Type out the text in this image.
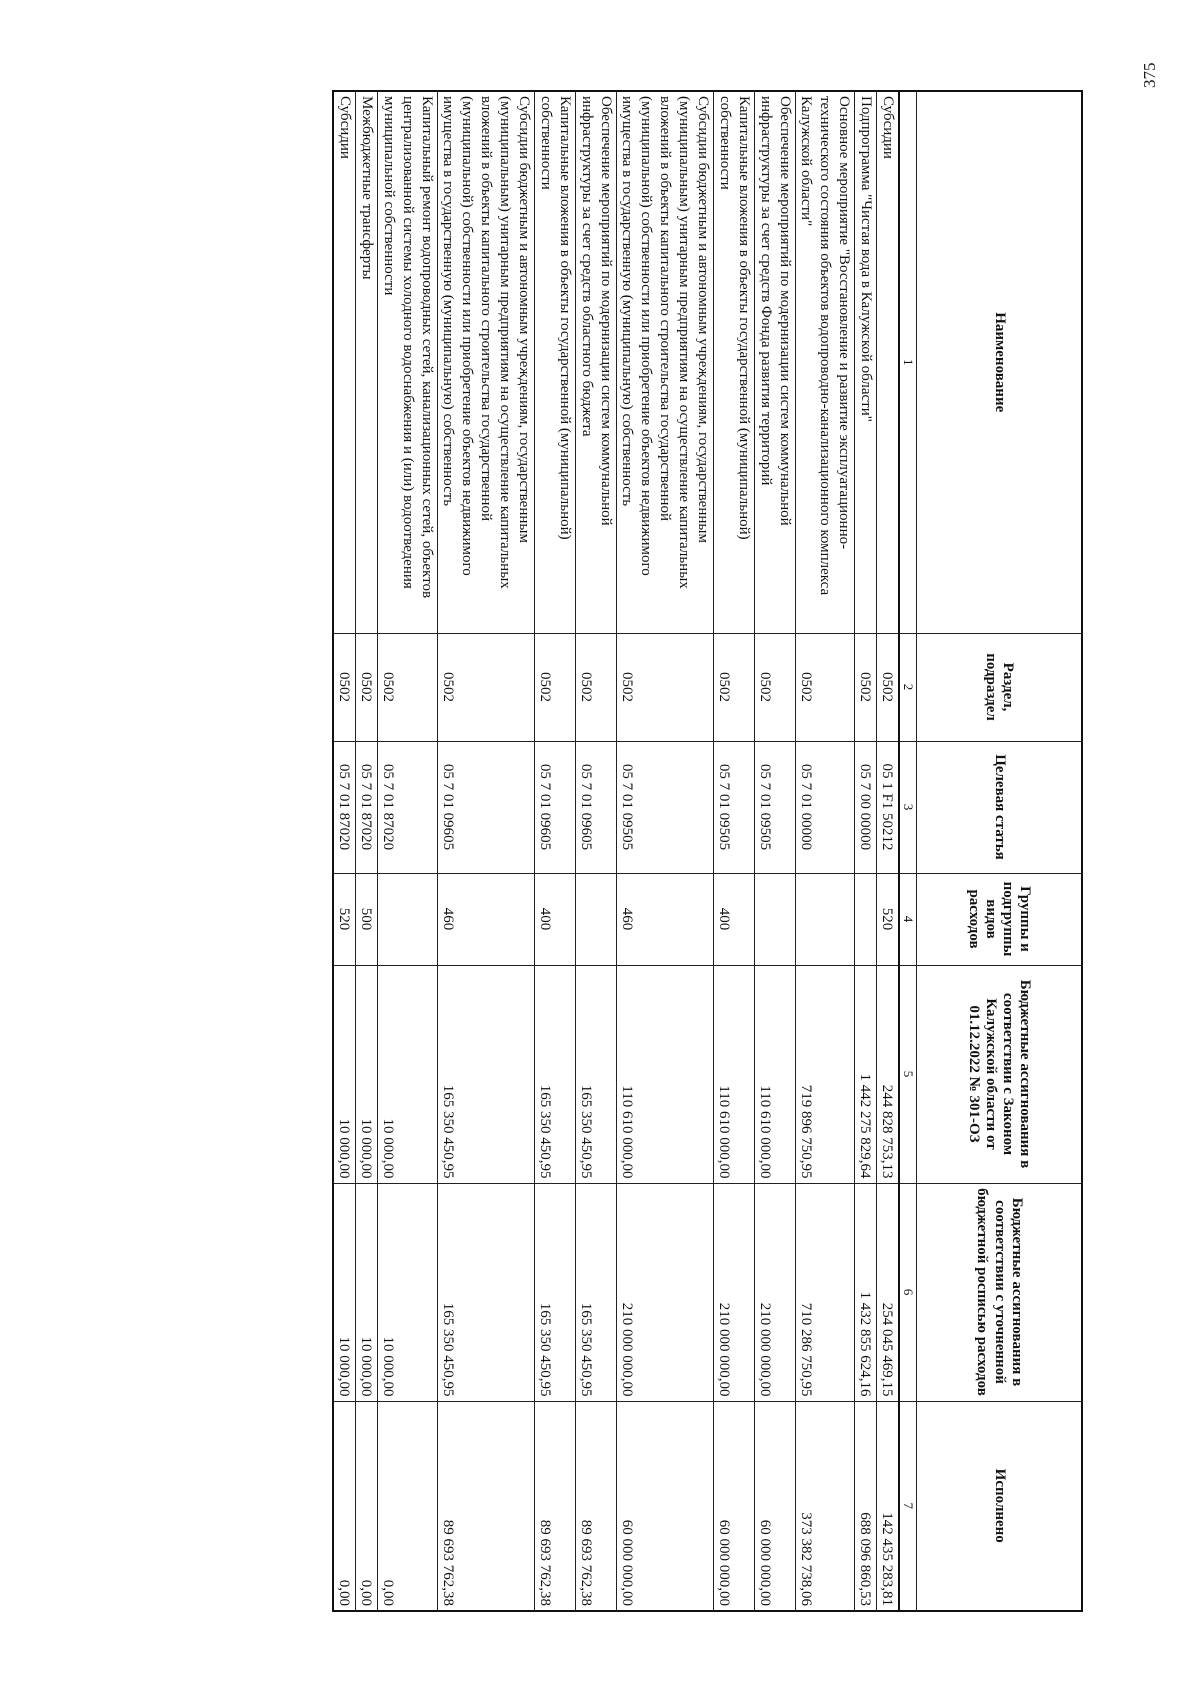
375
Наименование	Раздел, подраздел	Целевая статья	Группы и подгруппы видов расходов	Бюджетные ассигнования в соответствии с Законом Калужской области от 01.12.2022 № 301-ОЗ	Бюджетные ассигнования в соответствии с уточненной бюджетной росписью расходов	Исполнено
1	2	3	4	5	6	7
Субсидии	0502	05 1 F1 50212	520	244 828 753,13	254 045 469,15	142 435 283,81
Подпрограмма "Чистая вода в Калужской области"	0502	05 7 00 00000		1 442 275 829,64	1 432 855 624,16	688 096 860,53
Основное мероприятие "Восстановление и развитие эксплуатационно-технического состояния объектов водопроводно-канализационного комплекса Калужской области"	0502	05 7 01 00000		719 896 750,95	710 286 750,95	373 382 738,06
Обеспечение мероприятий по модернизации систем коммунальной инфраструктуры за счет средств Фонда развития территорий	0502	05 7 01 09505		110 610 000,00	210 000 000,00	60 000 000,00
Капитальные вложения в объекты государственной (муниципальной) собственности	0502	05 7 01 09505	400	110 610 000,00	210 000 000,00	60 000 000,00
Субсидии бюджетным и автономным учреждениям, государственным (муниципальным) унитарным предприятиям на осуществление капитальных вложений в объекты капитального строительства государственной (муниципальной) собственности или приобретение объектов недвижимого имущества в государственную (муниципальную) собственность	0502	05 7 01 09505	460	110 610 000,00	210 000 000,00	60 000 000,00
Обеспечение мероприятий по модернизации систем коммунальной инфраструктуры за счет средств областного бюджета	0502	05 7 01 09605		165 350 450,95	165 350 450,95	89 693 762,38
Капитальные вложения в объекты государственной (муниципальной) собственности	0502	05 7 01 09605	400	165 350 450,95	165 350 450,95	89 693 762,38
Субсидии бюджетным и автономным учреждениям, государственным (муниципальным) унитарным предприятиям на осуществление капитальных вложений в объекты капитального строительства государственной (муниципальной) собственности или приобретение объектов недвижимого имущества в государственную (муниципальную) собственность	0502	05 7 01 09605	460	165 350 450,95	165 350 450,95	89 693 762,38
Капитальный ремонт водопроводных сетей, канализационных сетей, объектов централизованной системы холодного водоснабжения и (или) водоотведения муниципальной собственности	0502	05 7 01 87020		10 000,00	10 000,00	0,00
Межбюджетные трансферты	0502	05 7 01 87020	500	10 000,00	10 000,00	0,00
Субсидии	0502	05 7 01 87020	520	10 000,00	10 000,00	0,00
